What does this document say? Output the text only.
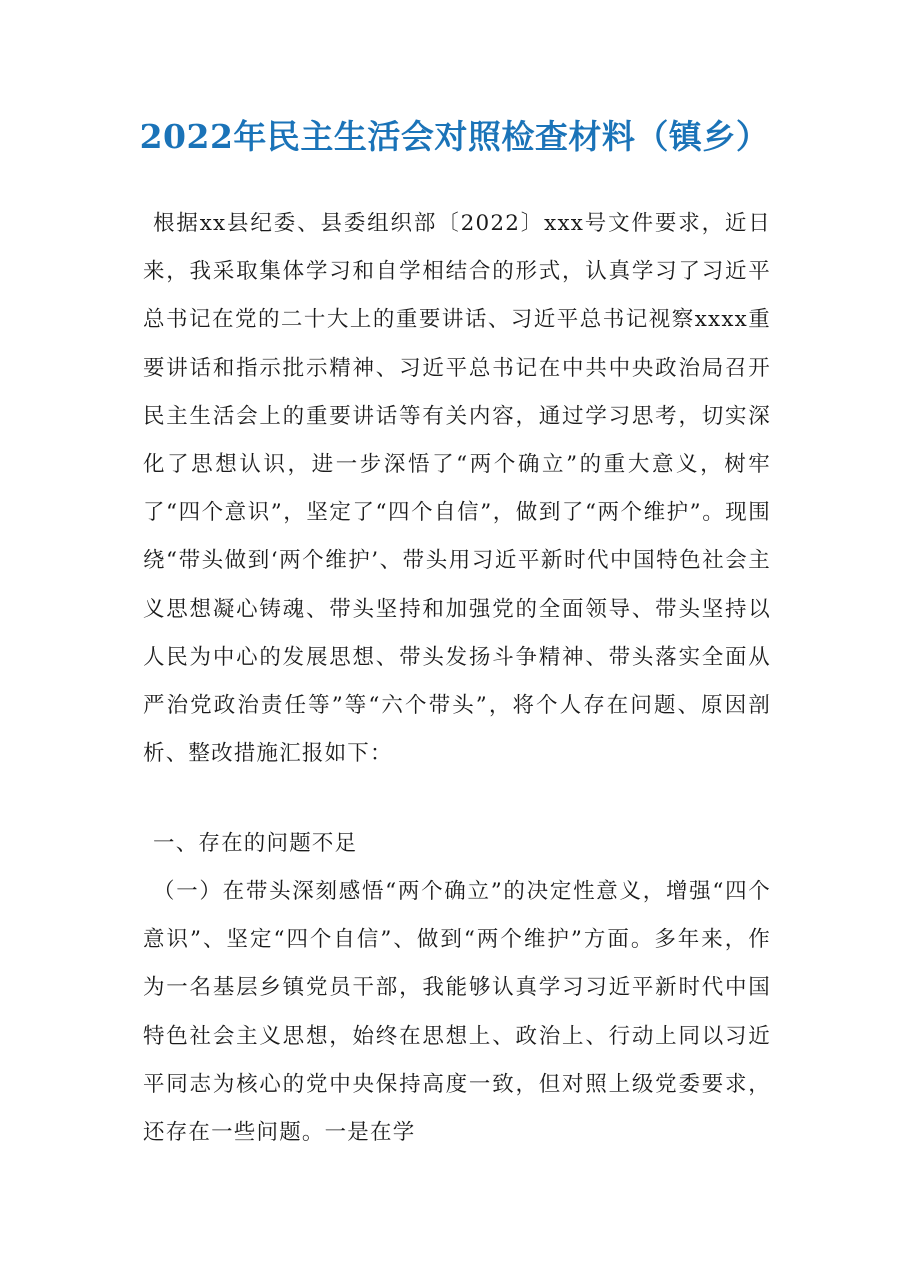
2022年民主生活会对照检查材料（镇乡）
根据xx县纪委、县委组织部〔2022〕xxx号文件要求，近日来，我采取集体学习和自学相结合的形式，认真学习了习近平总书记在党的二十大上的重要讲话、习近平总书记视察xxxx重要讲话和指示批示精神、习近平总书记在中共中央政治局召开民主生活会上的重要讲话等有关内容，通过学习思考，切实深化了思想认识，进一步深悟了“两个确立”的重大意义，树牢了“四个意识”，坚定了“四个自信”，做到了“两个维护”。现围绕“带头做到‘两个维护’、带头用习近平新时代中国特色社会主义思想凝心铸魂、带头坚持和加强党的全面领导、带头坚持以人民为中心的发展思想、带头发扬斗争精神、带头落实全面从严治党政治责任等”等“六个带头”，将个人存在问题、原因剖析、整改措施汇报如下：
一、存在的问题不足
（一）在带头深刻感悟“两个确立”的决定性意义，增强“四个意识”、坚定“四个自信”、做到“两个维护”方面。多年来，作为一名基层乡镇党员干部，我能够认真学习习近平新时代中国特色社会主义思想，始终在思想上、政治上、行动上同以习近平同志为核心的党中央保持高度一致，但对照上级党委要求，还存在一些问题。一是在学
